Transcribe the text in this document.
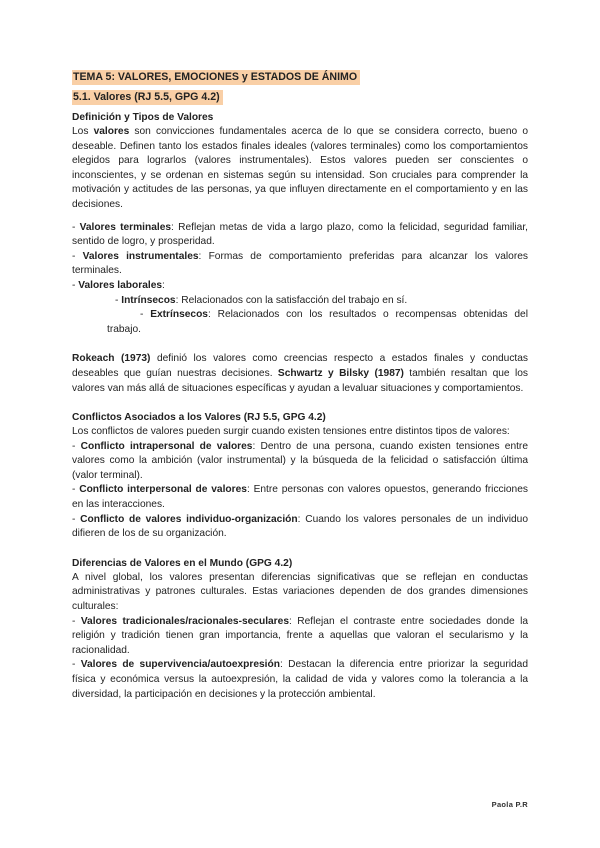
TEMA 5: VALORES, EMOCIONES y ESTADOS DE ÁNIMO
5.1. Valores (RJ 5.5, GPG 4.2)
Definición y Tipos de Valores

Los valores son convicciones fundamentales acerca de lo que se considera correcto, bueno o deseable. Definen tanto los estados finales ideales (valores terminales) como los comportamientos elegidos para lograrlos (valores instrumentales). Estos valores pueden ser conscientes o inconscientes, y se ordenan en sistemas según su intensidad. Son cruciales para comprender la motivación y actitudes de las personas, ya que influyen directamente en el comportamiento y en las decisiones.

- Valores terminales: Reflejan metas de vida a largo plazo, como la felicidad, seguridad familiar, sentido de logro, y prosperidad.
- Valores instrumentales: Formas de comportamiento preferidas para alcanzar los valores terminales.
- Valores laborales:
- Intrínsecos: Relacionados con la satisfacción del trabajo en sí.
- Extrínsecos: Relacionados con los resultados o recompensas obtenidas del trabajo.

Rokeach (1973) definió los valores como creencias respecto a estados finales y conductas deseables que guían nuestras decisiones. Schwartz y Bilsky (1987) también resaltan que los valores van más allá de situaciones específicas y ayudan a levaluar situaciones y comportamientos.

Conflictos Asociados a los Valores (RJ 5.5, GPG 4.2)

Los conflictos de valores pueden surgir cuando existen tensiones entre distintos tipos de valores:

- Conflicto intrapersonal de valores: Dentro de una persona, cuando existen tensiones entre valores como la ambición (valor instrumental) y la búsqueda de la felicidad o satisfacción última (valor terminal).
- Conflicto interpersonal de valores: Entre personas con valores opuestos, generando fricciones en las interacciones.
- Conflicto de valores individuo-organización: Cuando los valores personales de un individuo difieren de los de su organización.
Diferencias de Valores en el Mundo (GPG 4.2)

A nivel global, los valores presentan diferencias significativas que se reflejan en conductas administrativas y patrones culturales. Estas variaciones dependen de dos grandes dimensiones culturales:

- Valores tradicionales/racionales-seculares: Reflejan el contraste entre sociedades donde la religión y tradición tienen gran importancia, frente a aquellas que valoran el secularismo y la racionalidad.
- Valores de supervivencia/autoexpresión: Destacan la diferencia entre priorizar la seguridad física y económica versus la autoexpresión, la calidad de vida y valores como la tolerancia a la diversidad, la participación en decisiones y la protección ambiental.
Paola P.R
